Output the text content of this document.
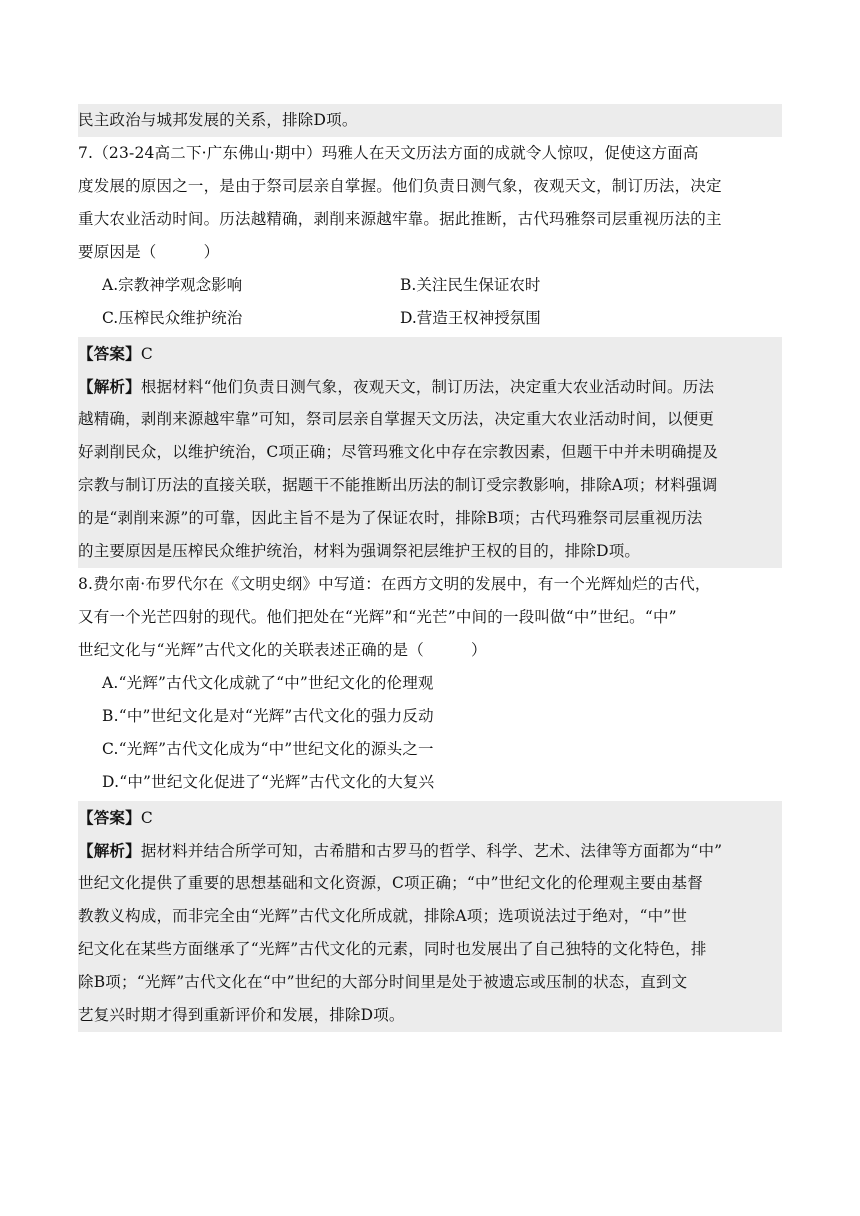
民主政治与城邦发展的关系，排除D项。
7.（23-24高二下·广东佛山·期中）玛雅人在天文历法方面的成就令人惊叹，促使这方面高
度发展的原因之一，是由于祭司层亲自掌握。他们负责日测气象，夜观天文，制订历法，决定
重大农业活动时间。历法越精确，剥削来源越牢靠。据此推断，古代玛雅祭司层重视历法的主
要原因是（　　　）
A.宗教神学观念影响	B.关注民生保证农时
C.压榨民众维护统治	D.营造王权神授氛围
【答案】C
【解析】根据材料“他们负责日测气象，夜观天文，制订历法，决定重大农业活动时间。历法
越精确，剥削来源越牢靠”可知，祭司层亲自掌握天文历法，决定重大农业活动时间，以便更
好剥削民众，以维护统治，C项正确；尽管玛雅文化中存在宗教因素，但题干中并未明确提及
宗教与制订历法的直接关联，据题干不能推断出历法的制订受宗教影响，排除A项；材料强调
的是“剥削来源”的可靠，因此主旨不是为了保证农时，排除B项；古代玛雅祭司层重视历法
的主要原因是压榨民众维护统治，材料为强调祭祀层维护王权的目的，排除D项。
8.费尔南·布罗代尔在《文明史纲》中写道：在西方文明的发展中，有一个光辉灿烂的古代，
又有一个光芒四射的现代。他们把处在“光辉”和“光芒”中间的一段叫做“中”世纪。“中”
世纪文化与“光辉”古代文化的关联表述正确的是（　　　）
A.“光辉”古代文化成就了“中”世纪文化的伦理观
B.“中”世纪文化是对“光辉”古代文化的强力反动
C.“光辉”古代文化成为“中”世纪文化的源头之一
D.“中”世纪文化促进了“光辉”古代文化的大复兴
【答案】C
【解析】据材料并结合所学可知，古希腊和古罗马的哲学、科学、艺术、法律等方面都为“中”
世纪文化提供了重要的思想基础和文化资源，C项正确；“中”世纪文化的伦理观主要由基督
教教义构成，而非完全由“光辉”古代文化所成就，排除A项；选项说法过于绝对，“中”世
纪文化在某些方面继承了“光辉”古代文化的元素，同时也发展出了自己独特的文化特色，排
除B项；“光辉”古代文化在“中”世纪的大部分时间里是处于被遗忘或压制的状态，直到文
艺复兴时期才得到重新评价和发展，排除D项。
